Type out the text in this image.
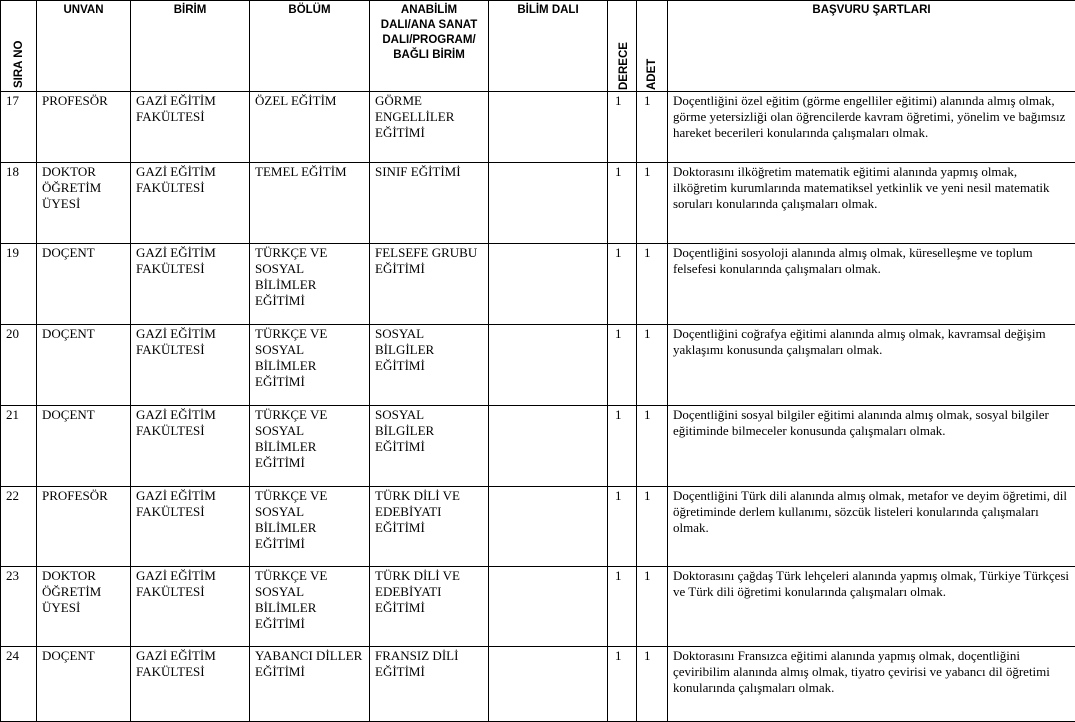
SIRA NO	UNVAN	BİRİM	BÖLÜM	ANABİLİM DALI/ANA SANAT DALI/PROGRAM/ BAĞLI BİRİM	BİLİM DALI	DERECE	ADET	BAŞVURU ŞARTLARI
17	PROFESÖR	GAZİ EĞİTİM FAKÜLTESİ	ÖZEL EĞİTİM	GÖRME ENGELLİLER EĞİTİMİ		1	1	Doçentliğini özel eğitim (görme engelliler eğitimi) alanında almış olmak, görme yetersizliği olan öğrencilerde kavram öğretimi, yönelim ve bağımsız hareket becerileri konularında çalışmaları olmak.
18	DOKTOR ÖĞRETİM ÜYESİ	GAZİ EĞİTİM FAKÜLTESİ	TEMEL EĞİTİM	SINIF EĞİTİMİ		1	1	Doktorasını ilköğretim matematik eğitimi alanında yapmış olmak, ilköğretim kurumlarında matematiksel yetkinlik ve yeni nesil matematik soruları konularında çalışmaları olmak.
19	DOÇENT	GAZİ EĞİTİM FAKÜLTESİ	TÜRKÇE VE SOSYAL BİLİMLER EĞİTİMİ	FELSEFE GRUBU EĞİTİMİ		1	1	Doçentliğini sosyoloji alanında almış olmak, küreselleşme ve toplum felsefesi konularında çalışmaları olmak.
20	DOÇENT	GAZİ EĞİTİM FAKÜLTESİ	TÜRKÇE VE SOSYAL BİLİMLER EĞİTİMİ	SOSYAL BİLGİLER EĞİTİMİ		1	1	Doçentliğini coğrafya eğitimi alanında almış olmak, kavramsal değişim yaklaşımı konusunda çalışmaları olmak.
21	DOÇENT	GAZİ EĞİTİM FAKÜLTESİ	TÜRKÇE VE SOSYAL BİLİMLER EĞİTİMİ	SOSYAL BİLGİLER EĞİTİMİ		1	1	Doçentliğini sosyal bilgiler eğitimi alanında almış olmak, sosyal bilgiler eğitiminde bilmeceler konusunda çalışmaları olmak.
22	PROFESÖR	GAZİ EĞİTİM FAKÜLTESİ	TÜRKÇE VE SOSYAL BİLİMLER EĞİTİMİ	TÜRK DİLİ VE EDEBİYATI EĞİTİMİ		1	1	Doçentliğini Türk dili alanında almış olmak, metafor ve deyim öğretimi, dil öğretiminde derlem kullanımı, sözcük listeleri konularında çalışmaları olmak.
23	DOKTOR ÖĞRETİM ÜYESİ	GAZİ EĞİTİM FAKÜLTESİ	TÜRKÇE VE SOSYAL BİLİMLER EĞİTİMİ	TÜRK DİLİ VE EDEBİYATI EĞİTİMİ		1	1	Doktorasını çağdaş Türk lehçeleri alanında yapmış olmak, Türkiye Türkçesi ve Türk dili öğretimi konularında çalışmaları olmak.
24	DOÇENT	GAZİ EĞİTİM FAKÜLTESİ	YABANCI DİLLER EĞİTİMİ	FRANSIZ DİLİ EĞİTİMİ		1	1	Doktorasını Fransızca eğitimi alanında yapmış olmak, doçentliğini çeviribilim alanında almış olmak, tiyatro çevirisi ve yabancı dil öğretimi konularında çalışmaları olmak.
